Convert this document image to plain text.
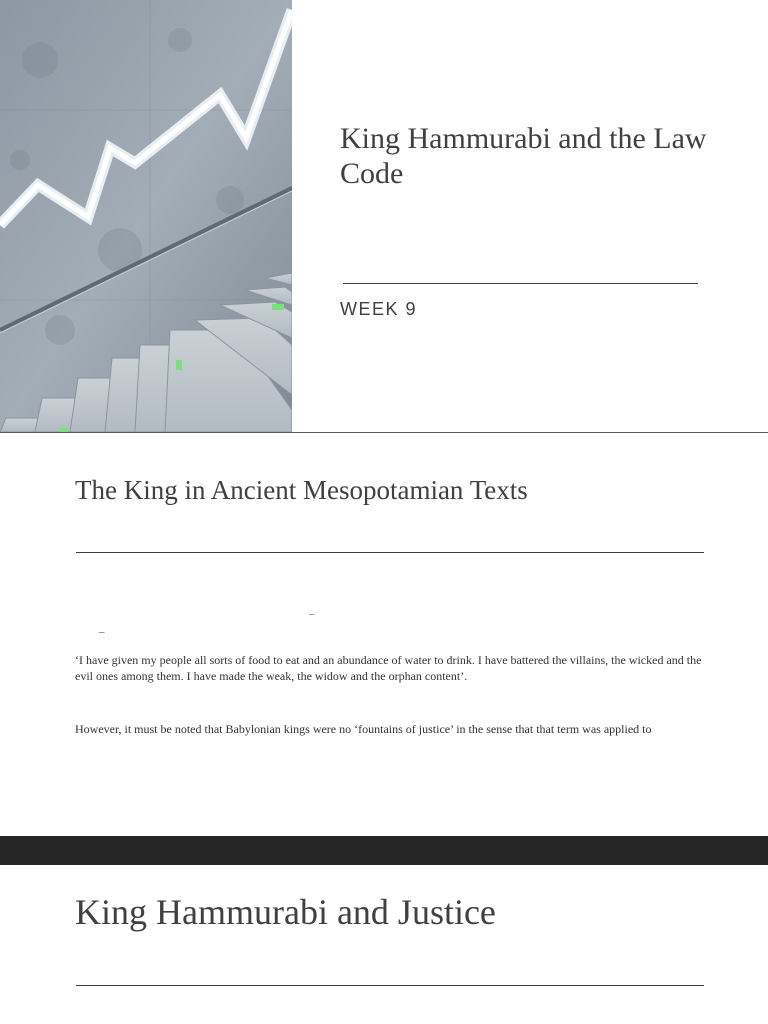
King Hammurabi and the Law Code
WEEK 9
The King in Ancient Mesopotamian Texts
–
–

‘I have given my people all sorts of food to eat and an abundance of water to drink. I have battered the villains, the wicked and the evil ones among them. I have made the weak, the widow and the orphan content’.

However, it must be noted that Babylonian kings were no ‘fountains of justice’ in the sense that that term was applied to

King Hammurabi and Justice
